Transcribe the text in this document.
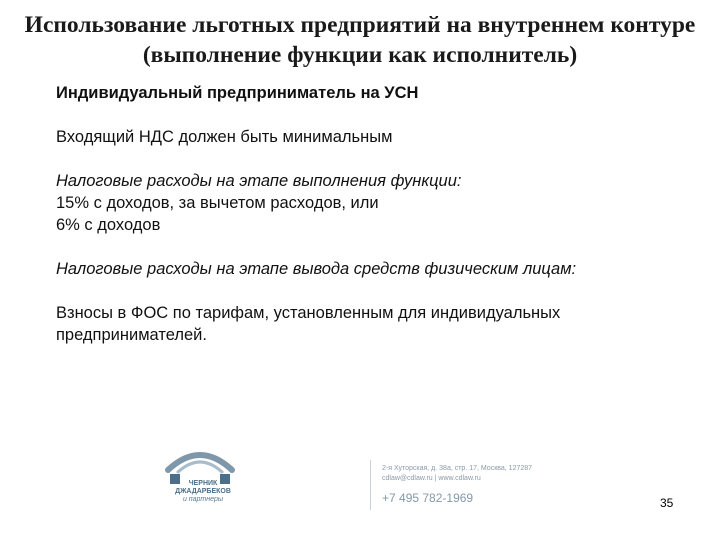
Использование льготных предприятий на внутреннем контуре (выполнение функции как исполнитель)

Индивидуальный предприниматель на УСН

Входящий НДС должен быть минимальным

Налоговые расходы на этапе выполнения функции:

15% с доходов, за вычетом расходов, или

6% с доходов

Налоговые расходы на этапе вывода средств физическим лицам:

Взносы в ФОС по тарифам, установленным для индивидуальных

предпринимателей.

ЧЕРНИК
ДЖАДАРБЕКОВ
и партнеры
2-я Хуторская, д. 38а, стр. 17, Москва, 127287
cdlaw@cdlaw.ru | www.cdlaw.ru
+7 495 782-1969	35
